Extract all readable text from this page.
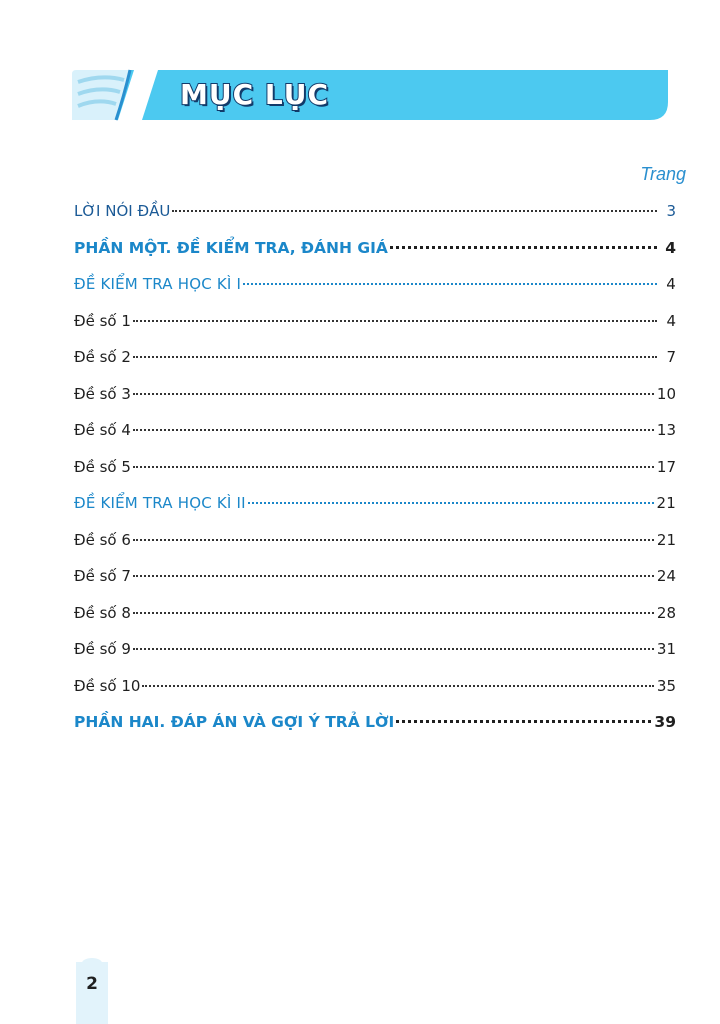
MỤC LỤC
Trang
LỜI NÓI ĐẦU	3
PHẦN MỘT. ĐỀ KIỂM TRA, ĐÁNH GIÁ	4
ĐỀ KIỂM TRA HỌC KÌ I	4
Đề số 1	4
Đề số 2	7
Đề số 3	10
Đề số 4	13
Đề số 5	17
ĐỀ KIỂM TRA HỌC KÌ II	21
Đề số 6	21
Đề số 7	24
Đề số 8	28
Đề số 9	31
Đề số 10	35
PHẦN HAI. ĐÁP ÁN VÀ GỢI Ý TRẢ LỜI	39
2
